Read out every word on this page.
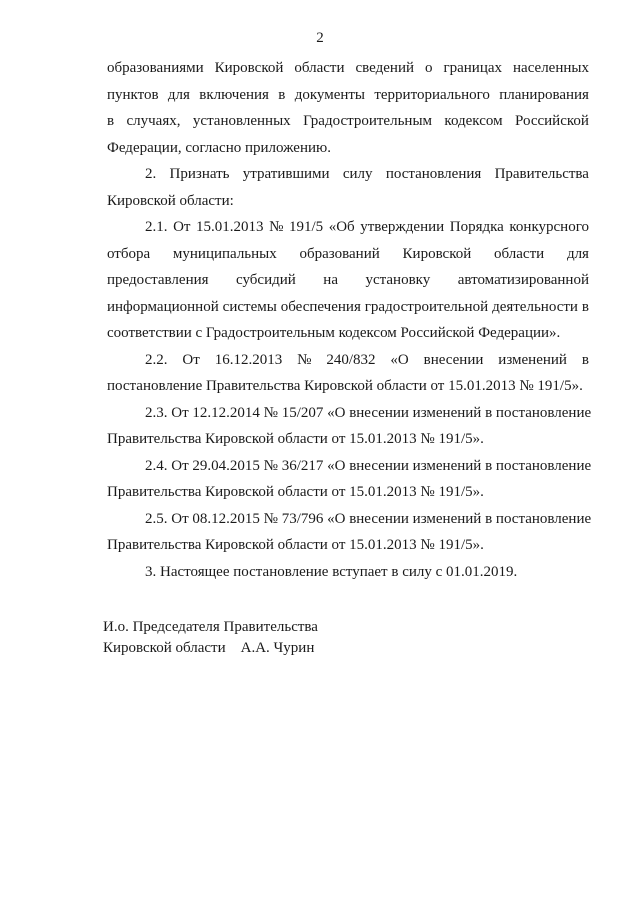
2
образованиями Кировской области сведений о границах населенных
пунктов для включения в документы территориального планирования
в случаях, установленных Градостроительным кодексом Российской
Федерации, согласно приложению.
2. Признать утратившими силу постановления Правительства
Кировской области:
2.1. От 15.01.2013 № 191/5 «Об утверждении Порядка конкурсного
отбора муниципальных образований Кировской области для
предоставления субсидий на установку автоматизированной
информационной системы обеспечения градостроительной деятельности в
соответствии с Градостроительным кодексом Российской Федерации».
2.2. От 16.12.2013 № 240/832 «О внесении изменений в
постановление Правительства Кировской области от 15.01.2013 № 191/5».
2.3. От 12.12.2014 № 15/207 «О внесении изменений в постановление
Правительства Кировской области от 15.01.2013 № 191/5».
2.4. От 29.04.2015 № 36/217 «О внесении изменений в постановление
Правительства Кировской области от 15.01.2013 № 191/5».
2.5. От 08.12.2015 № 73/796 «О внесении изменений в постановление
Правительства Кировской области от 15.01.2013 № 191/5».
3. Настоящее постановление вступает в силу с 01.01.2019.
И.о. Председателя Правительства
Кировской области    А.А. Чурин
